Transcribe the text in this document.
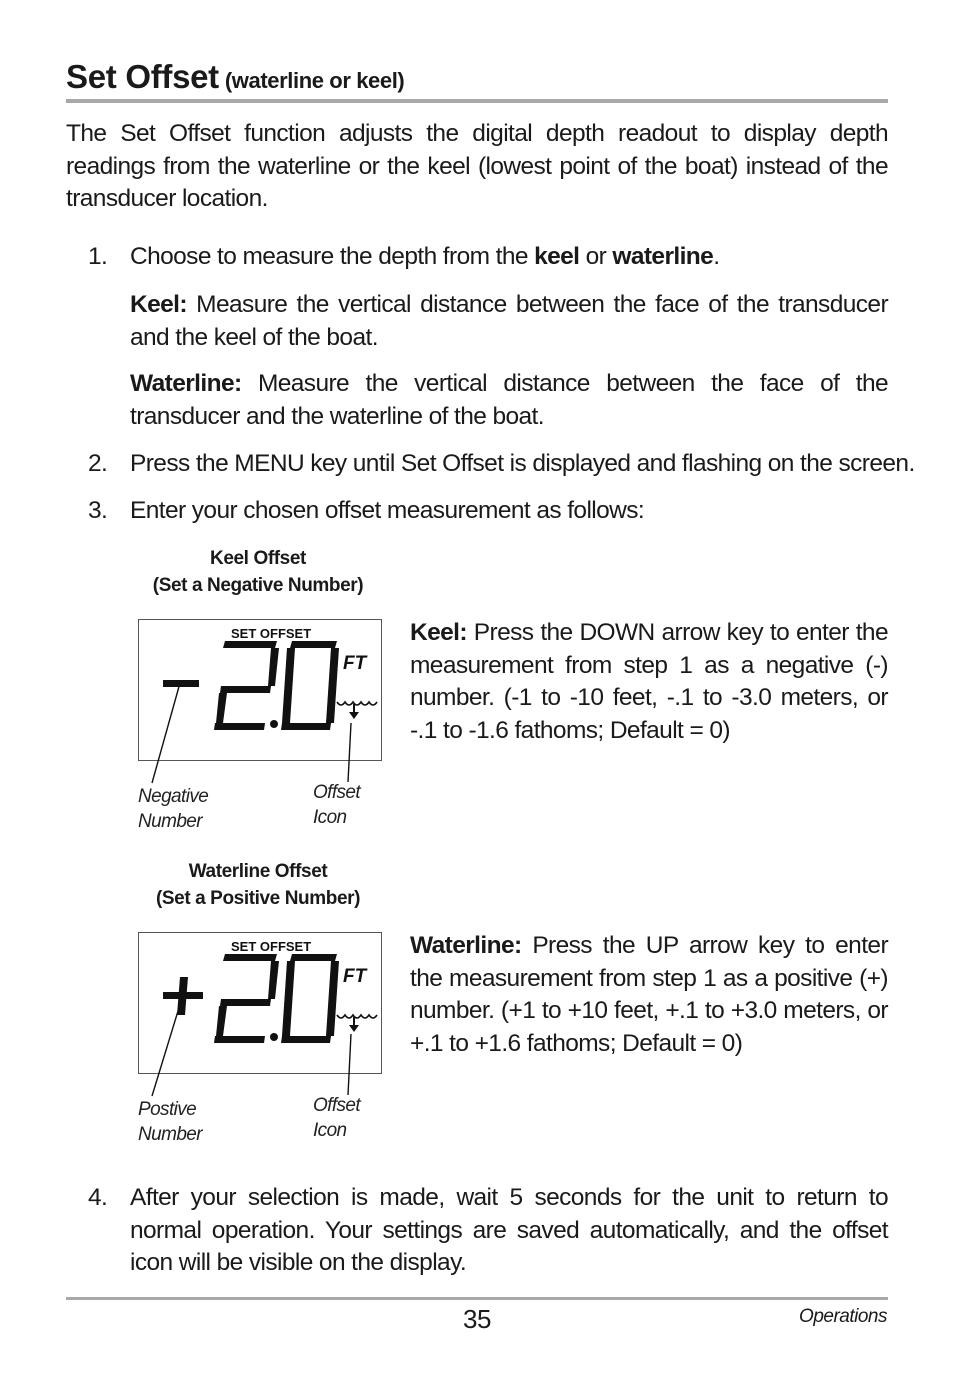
Set Offset (waterline or keel)

The Set Offset function adjusts the digital depth readout to display depth readings from the waterline or the keel (lowest point of the boat) instead of the transducer location.

1. Choose to measure the depth from the keel or waterline.

Keel: Measure the vertical distance between the face of the transducer and the keel of the boat.

Waterline: Measure the vertical distance between the face of the transducer and the waterline of the boat.

2. Press the MENU key until Set Offset is displayed and flashing on the screen.

3. Enter your chosen offset measurement as follows:

Keel Offset
(Set a Negative Number)
SET OFFSET
FT
Negative
Number
Offset
Icon

Keel: Press the DOWN arrow key to enter the measurement from step 1 as a negative (-) number. (-1 to -10 feet, -.1 to -3.0 meters, or -.1 to -1.6 fathoms; Default = 0)

Waterline Offset
(Set a Positive Number)
SET OFFSET
FT
Postive
Number
Offset
Icon

Waterline: Press the UP arrow key to enter the measurement from step 1 as a positive (+) number. (+1 to +10 feet, +.1 to +3.0 meters, or +.1 to +1.6 fathoms; Default = 0)

4. After your selection is made, wait 5 seconds for the unit to return to normal operation. Your settings are saved automatically, and the offset icon will be visible on the display.

35	Operations
